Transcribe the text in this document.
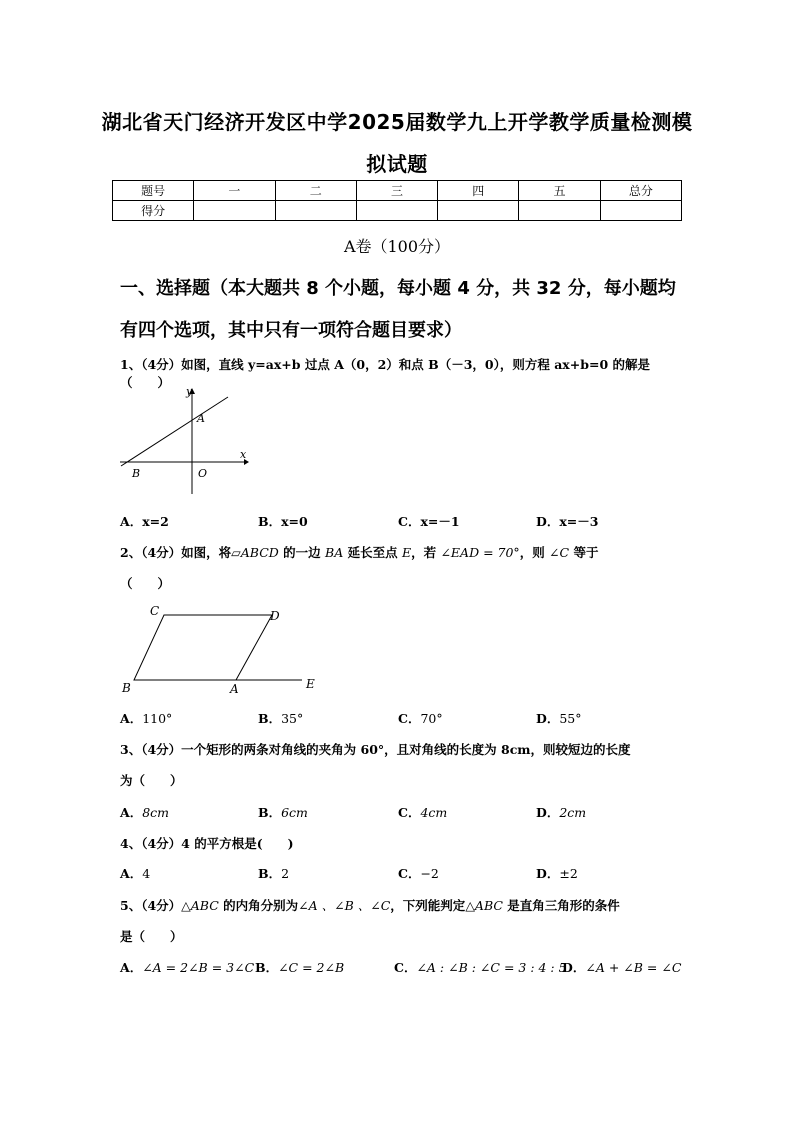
湖北省天门经济开发区中学2025届数学九上开学教学质量检测模
拟试题
题号	一	二	三	四	五	总分
得分						
A卷（100分）
一、选择题（本大题共 8 个小题，每小题 4 分，共 32 分，每小题均
有四个选项，其中只有一项符合题目要求）
1、（4分）如图，直线 y=ax+b 过点 A（0，2）和点 B（－3，0），则方程 ax+b=0 的解是（　　）
y
x
A
B	O
A．x=2	B．x=0	C．x=－1	D．x=－3
2、（4分）如图，将▱ABCD 的一边 BA 延长至点 E，若 ∠EAD = 70°，则 ∠C 等于
（　　）
C	D
B	A	E
A．110°	B．35°	C．70°	D．55°
3、（4分）一个矩形的两条对角线的夹角为 60°，且对角线的长度为 8cm，则较短边的长度
为（　　）
A．8cm	B．6cm	C．4cm	D．2cm
4、（4分）4 的平方根是(　　)
A．4	B．2	C．−2	D．±2
5、（4分）△ABC 的内角分别为∠A 、∠B 、∠C，下列能判定△ABC 是直角三角形的条件
是（　　）
A．∠A = 2∠B = 3∠C B．∠C = 2∠B	C．∠A : ∠B : ∠C = 3 : 4 : 5
D．∠A + ∠B = ∠C
